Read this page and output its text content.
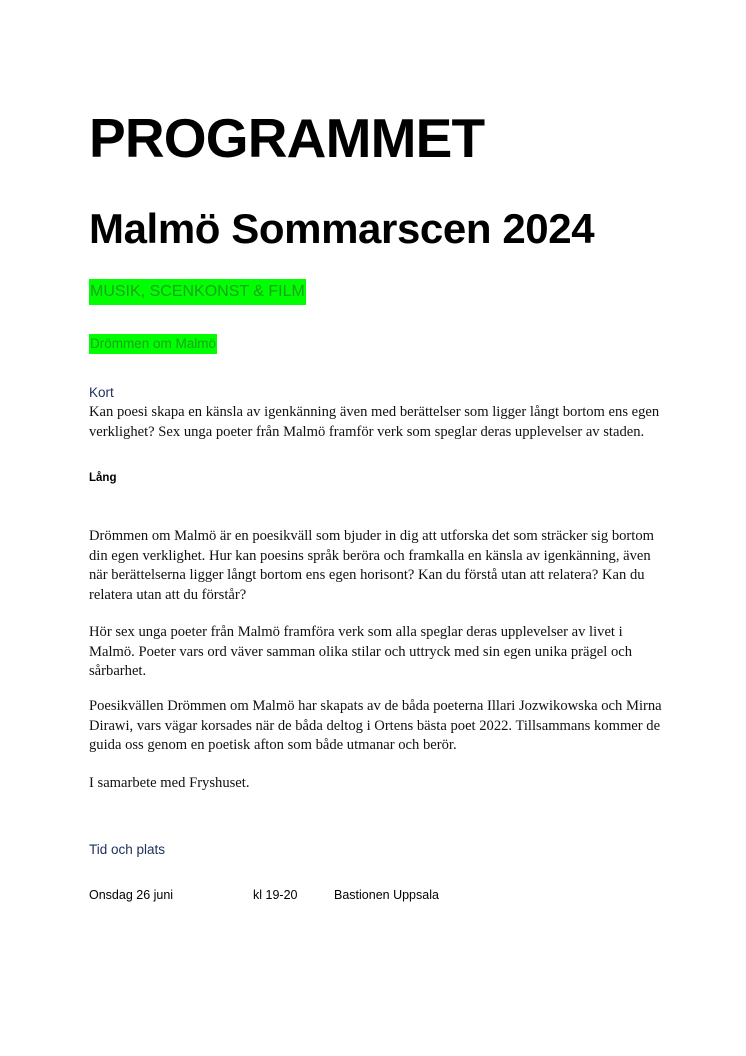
PROGRAMMET
Malmö Sommarscen 2024
MUSIK, SCENKONST & FILM
Drömmen om Malmö
Kort

Kan poesi skapa en känsla av igenkänning även med berättelser som ligger långt bortom ens egen verklighet? Sex unga poeter från Malmö framför verk som speglar deras upplevelser av staden.

Lång

Drömmen om Malmö är en poesikväll som bjuder in dig att utforska det som sträcker sig bortom din egen verklighet. Hur kan poesins språk beröra och framkalla en känsla av igenkänning, även när berättelserna ligger långt bortom ens egen horisont? Kan du förstå utan att relatera? Kan du relatera utan att du förstår?

Hör sex unga poeter från Malmö framföra verk som alla speglar deras upplevelser av livet i Malmö. Poeter vars ord väver samman olika stilar och uttryck med sin egen unika prägel och sårbarhet.

Poesikvällen Drömmen om Malmö har skapats av de båda poeterna Illari Jozwikowska och Mirna Dirawi, vars vägar korsades när de båda deltog i Ortens bästa poet 2022. Tillsammans kommer de guida oss genom en poetisk afton som både utmanar och berör.

I samarbete med Fryshuset.

Tid och plats
Onsdag 26 juni	kl 19-20	Bastionen Uppsala
